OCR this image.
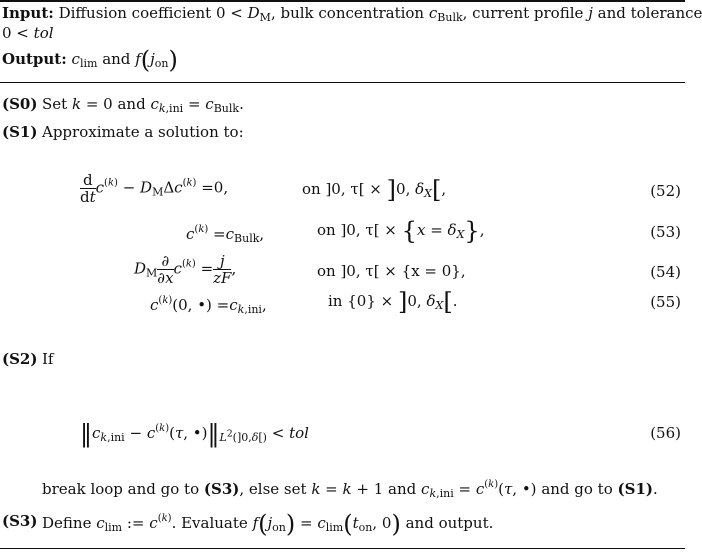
Input: Diffusion coefficient $0 < D_M$, bulk concentration $c_{Bulk}$, current profile j and tolerance
0 < tol
Output: $c_{lim}$ and $f(j_{on})$
(S0) Set k = 0 and $c_{k,ini} = c_{Bulk}$.
(S1) Approximate a solution to:
$\frac{d}{dt} c^{(k)} - D_M\Delta c^{(k)} =0$,	on ]0, τ[ × ]0, $\delta_X$[,	(52)
$c^{(k)} =c_{Bulk}$,	on ]0, $\tau[ \times \{x = \delta_X\}$,	(53)
$D_M \frac{\partial}{\partial x} c^{(k)} = \frac{j}{zF}$ ,	on ]0, τ[ × {x = 0},	(54)
$c^{(k)}(0$, •) $=c_{k,ini}$,	in {0} × ]0, $\delta_X$[.	(55)
(S2) If
$‖c_{k,ini} - c^{(k)}(\tau$, $•)‖_{L^2(]0,\delta[)}$ < tol	(56)
break loop and go to (S3), else set k = k + 1 and $c_{k,ini} = c^{(k)}(\tau$, •) and go to (S1).
(S3) Define $c_{lim}$ := $c^{(k)}$. Evaluate $f(j_{on}) = c_{lim}(t_{on}$, 0) and output.
